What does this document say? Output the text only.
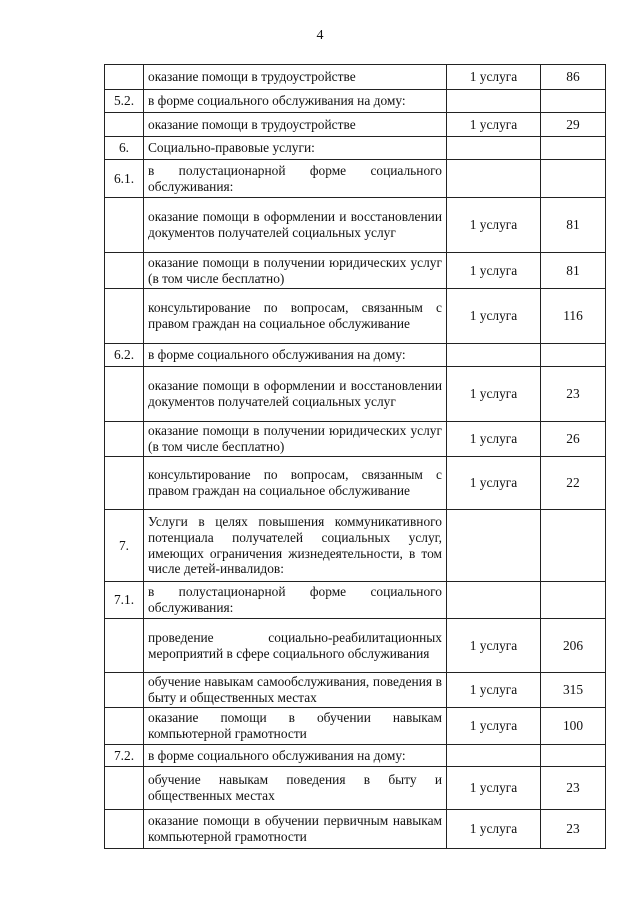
4
	оказание помощи в трудоустройстве	1 услуга	86
5.2.	в форме социального обслуживания на дому:		
	оказание помощи в трудоустройстве	1 услуга	29
6.	Социально-правовые услуги:		
6.1.	в полустационарной форме социального обслуживания:		
	оказание помощи в оформлении и восстановлении документов получателей социальных услуг	1 услуга	81
	оказание помощи в получении юридических услуг (в том числе бесплатно)	1 услуга	81
	консультирование по вопросам, связанным с правом граждан на социальное обслуживание	1 услуга	116
6.2.	в форме социального обслуживания на дому:		
	оказание помощи в оформлении и восстановлении документов получателей социальных услуг	1 услуга	23
	оказание помощи в получении юридических услуг (в том числе бесплатно)	1 услуга	26
	консультирование по вопросам, связанным с правом граждан на социальное обслуживание	1 услуга	22
7.	Услуги в целях повышения коммуникативного потенциала получателей социальных услуг, имеющих ограничения жизнедеятельности, в том числе детей-инвалидов:		
7.1.	в полустационарной форме социального обслуживания:		
	проведение социально-реабилитационных мероприятий в сфере социального обслуживания	1 услуга	206
	обучение навыкам самообслуживания, поведения в быту и общественных местах	1 услуга	315
	оказание помощи в обучении навыкам компьютерной грамотности	1 услуга	100
7.2.	в форме социального обслуживания на дому:		
	обучение навыкам поведения в быту и общественных местах	1 услуга	23
	оказание помощи в обучении первичным навыкам компьютерной грамотности	1 услуга	23
